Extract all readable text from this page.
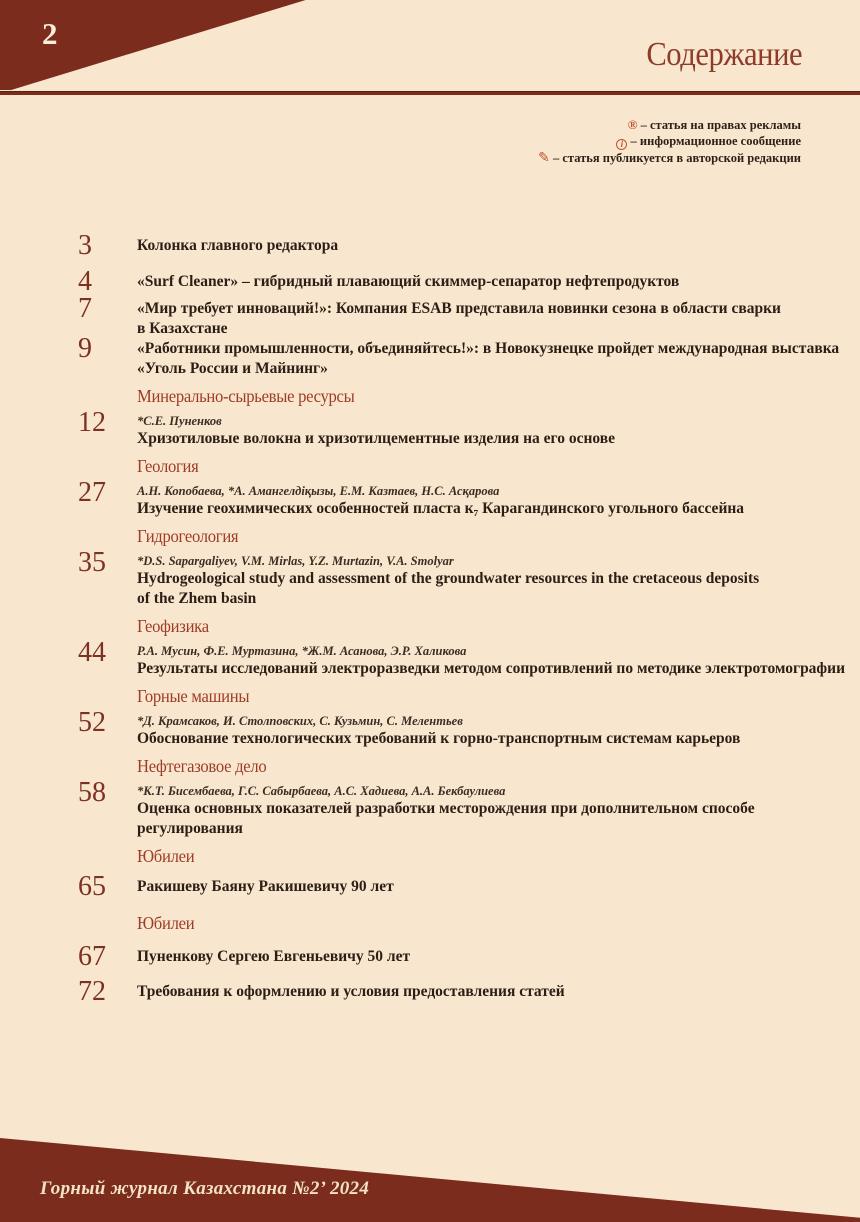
2
Содержание
® – статья на правах рекламы
i – информационное сообщение
✎ – статья публикуется в авторской редакции
3	Колонка главного редактора
4	«Surf Cleaner» – гибридный плавающий скиммер-сепаратор нефтепродуктов
7	«Мир требует инноваций!»: Компания ESAB представила новинки сезона в области сварки
в Казахстане
9	«Работники промышленности, объединяйтесь!»: в Новокузнецке пройдет международная выставка
«Уголь России и Майнинг»
Минерально-сырьевые ресурсы
12 *С.Е. Пуненков
Хризотиловые волокна и хризотилцементные изделия на его основе
Геология
27 А.Н. Копобаева, *А. Амангелдіқызы, Е.М. Казтаев, Н.С. Асқарова
Изучение геохимических особенностей пласта к₇ Карагандинского угольного бассейна
Гидрогеология
35 *D.S. Sapargaliyev, V.M. Mirlas, Y.Z. Murtazin, V.A. Smolyar
Hydrogeological study and assessment of the groundwater resources in the cretaceous deposits
of the Zhem basin
Геофизика
44 Р.А. Мусин, Ф.Е. Муртазина, *Ж.М. Асанова, Э.Р. Халикова
Результаты исследований электроразведки методом сопротивлений по методике электротомографии
Горные машины
52 *Д. Крамсаков, И. Столповских, С. Кузьмин, С. Мелентьев
Обоснование технологических требований к горно-транспортным системам карьеров
Нефтегазовое дело
58 *К.Т. Бисембаева, Г.С. Сабырбаева, А.С. Хадиева, А.А. Бекбаулиева
Оценка основных показателей разработки месторождения при дополнительном способе
регулирования
Юбилеи
65 Ракишеву Баяну Ракишевичу 90 лет
Юбилеи
67 Пуненкову Сергею Евгеньевичу 50 лет
72 Требования к оформлению и условия предоставления статей
Горный журнал Казахстана №2’ 2024
